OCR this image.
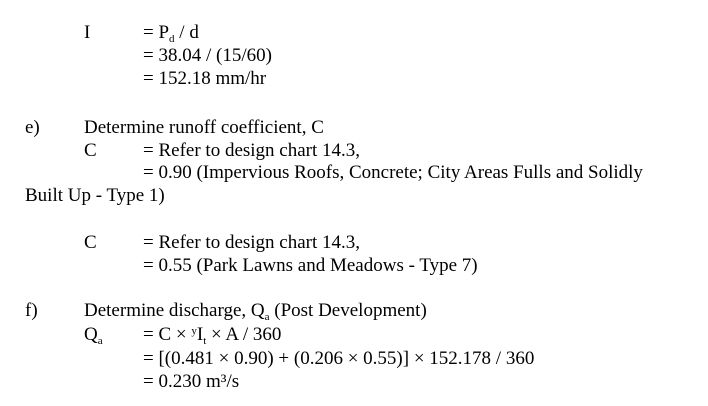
I	= $P_d$ / d
= 38.04 / (15/60)
= 152.18 mm/hr
e) Determine runoff coefficient, C
C = Refer to design chart 14.3,
= 0.90 (Impervious Roofs, Concrete; City Areas Fulls and Solidly
Built Up - Type 1)
C = Refer to design chart 14.3,
= 0.55 (Park Lawns and Meadows - Type 7)
f) Determine discharge, $Q_a$ (Post Development)
$Q_a = C \times ^yI_t \times A / 360$
= [(0.481 × 0.90) + (0.206 × 0.55)] × 152.178 / 360
= 0.230 m³/s
